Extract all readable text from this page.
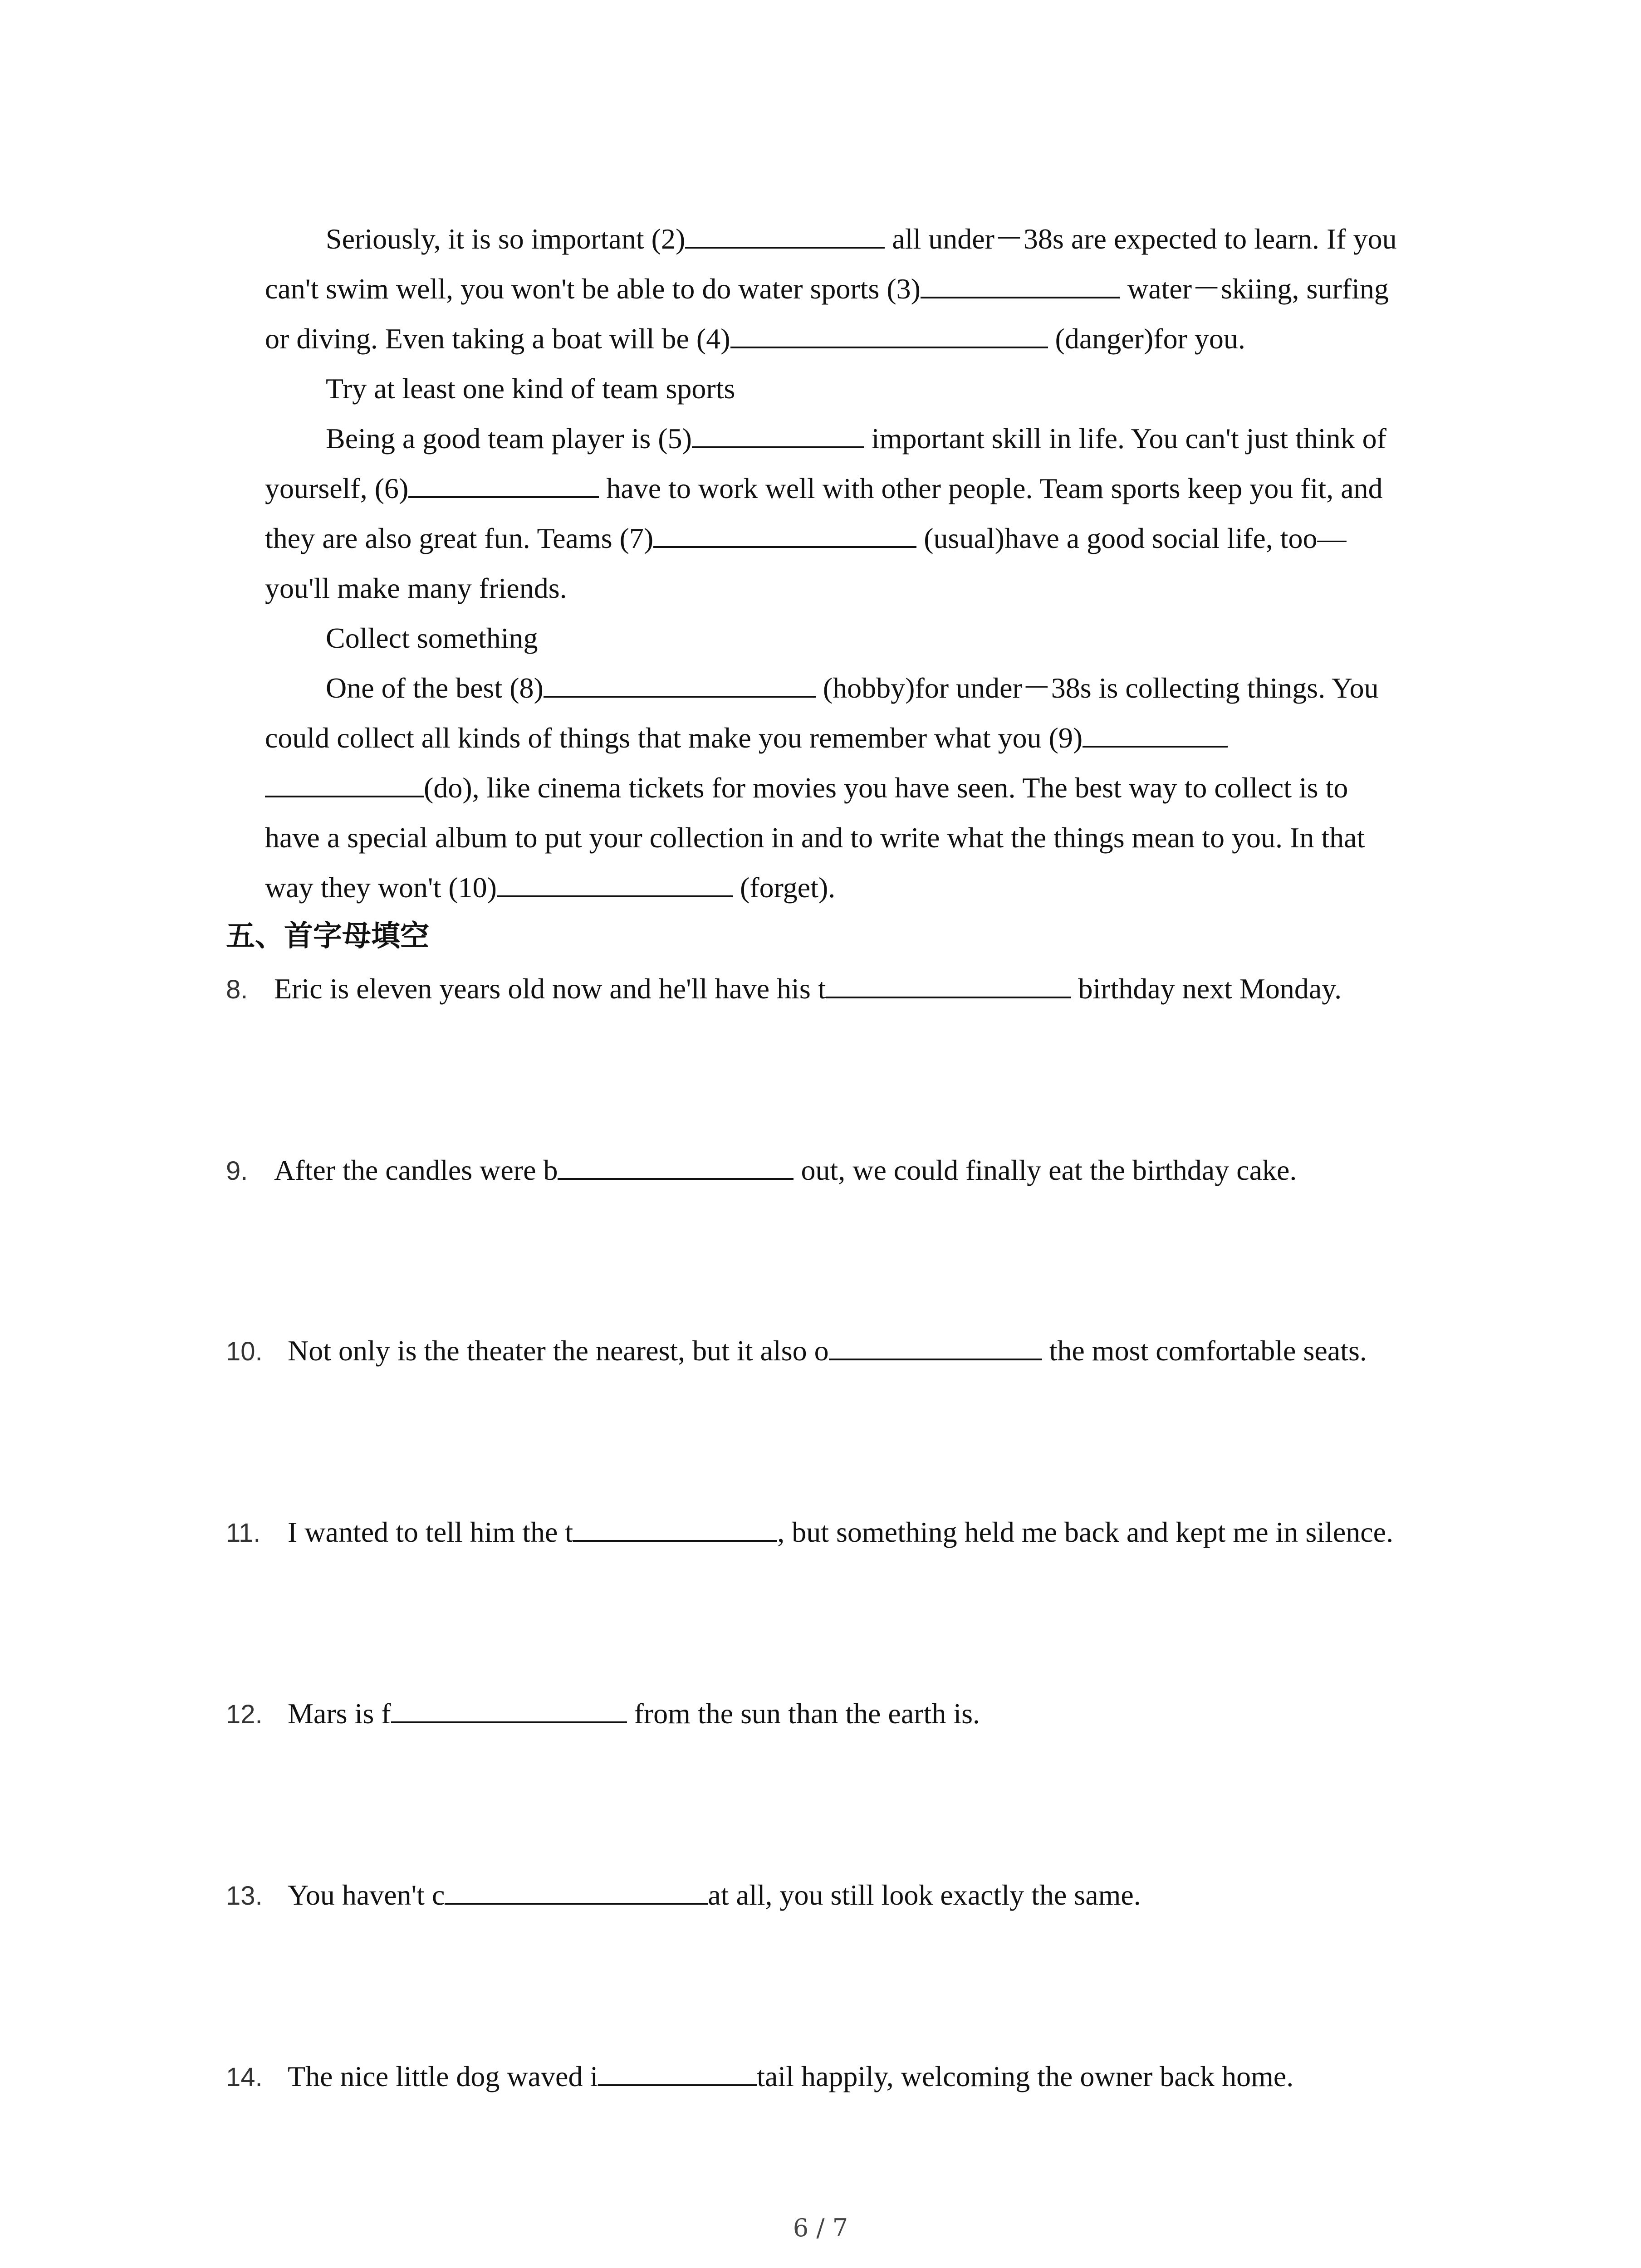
Seriously, it is so important (2)	all under－38s are expected to learn. If you
can't swim well, you won't be able to do water sports (3)	water－skiing, surfing
or diving. Even taking a boat will be (4)	(danger)for you.
Try at least one kind of team sports
Being a good team player is (5)	important skill in life. You can't just think of
yourself, (6)	have to work well with other people. Team sports keep you fit, and
they are also great fun. Teams (7)	(usual)have a good social life, too—
you'll make many friends.
Collect something
One of the best (8)	(hobby)for under－38s is collecting things. You
could collect all kinds of things that make you remember what you (9)
(do), like cinema tickets for movies you have seen. The best way to collect is to
have a special album to put your collection in and to write what the things mean to you. In that
way they won't (10)	(forget).
五、首字母填空
8. Eric is eleven years old now and he'll have his t	birthday next Monday.
9. After the candles were b	out, we could finally eat the birthday cake.
10. Not only is the theater the nearest, but it also o	the most comfortable seats.
11. I wanted to tell him the t	, but something held me back and kept me in silence.
12. Mars is f	from the sun than the earth is.
13. You haven't c	at all, you still look exactly the same.
14. The nice little dog waved i	tail happily, welcoming the owner back home.
6 / 7
